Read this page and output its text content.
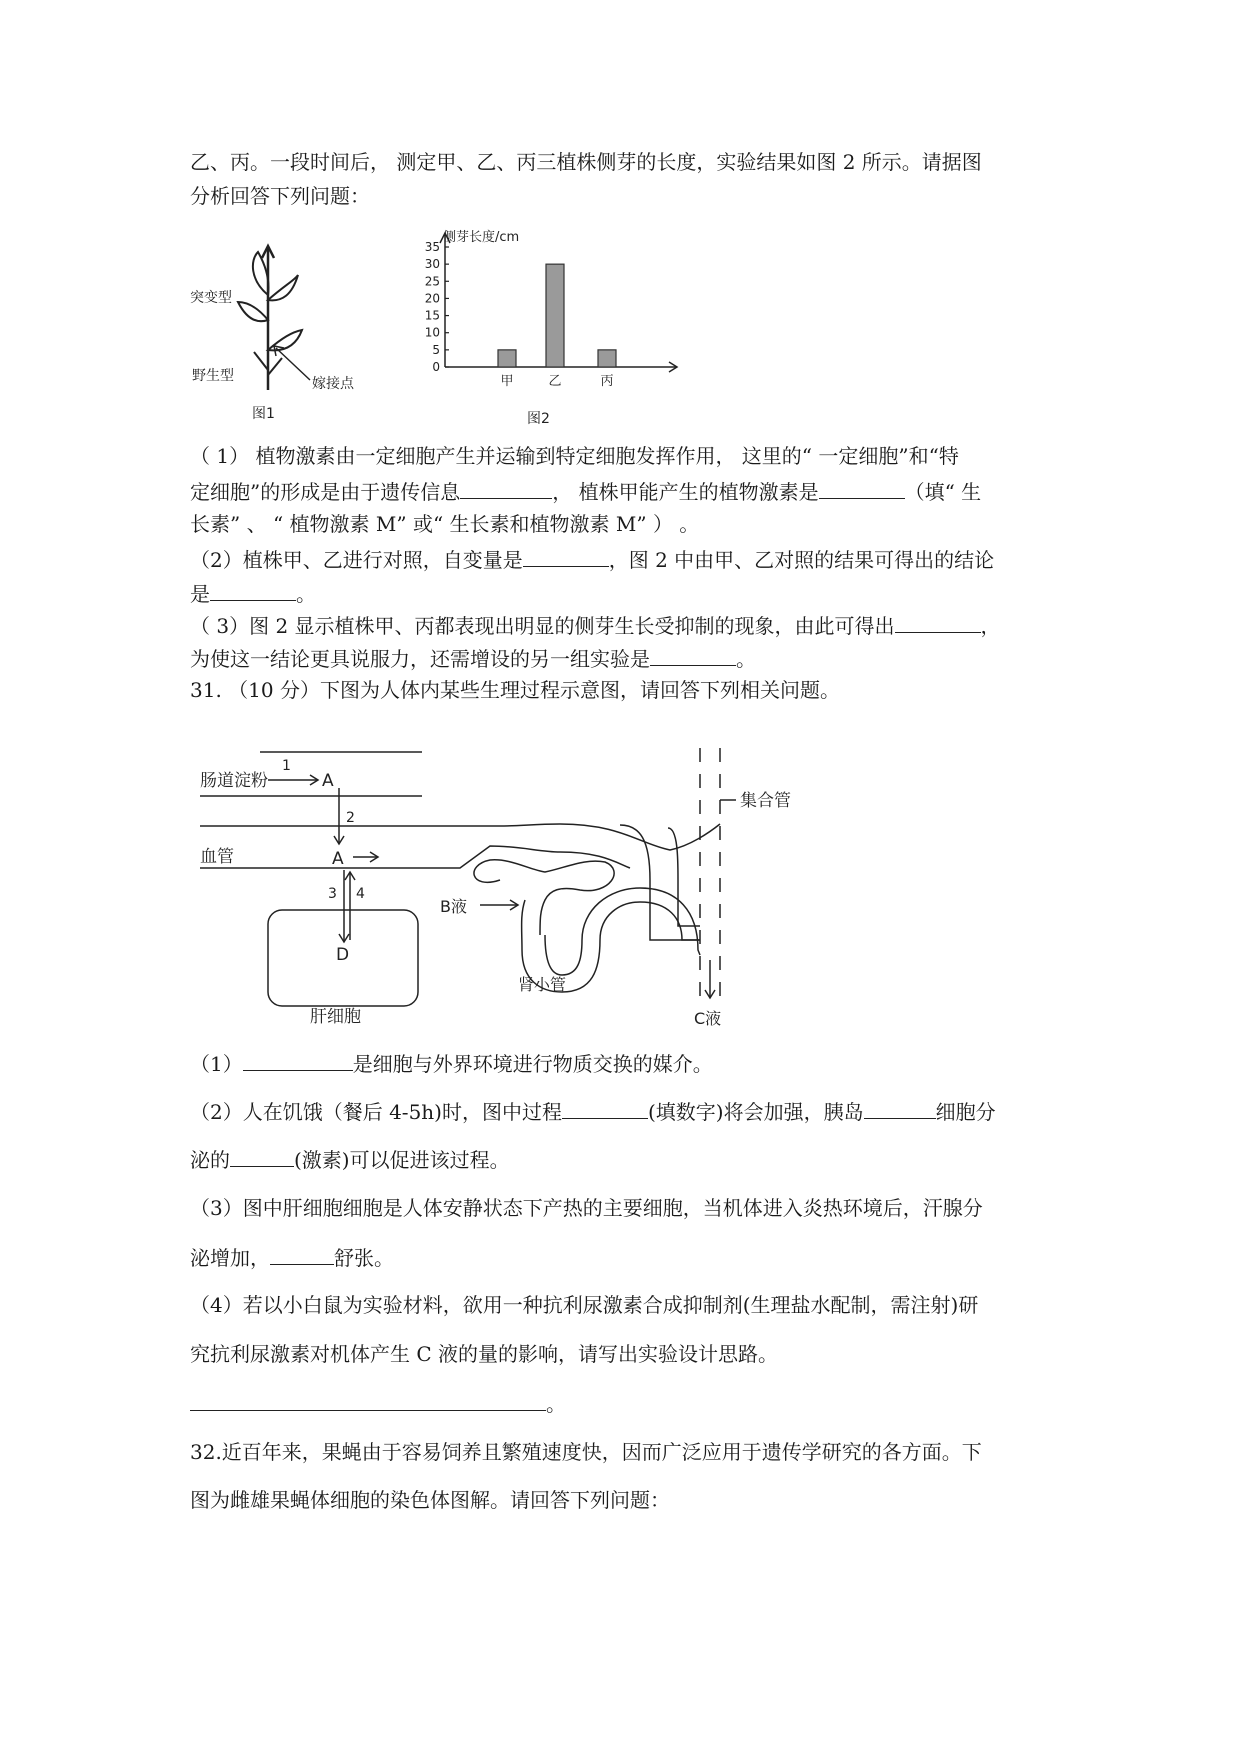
乙、丙。一段时间后， 测定甲、乙、丙三植株侧芽的长度，实验结果如图 2 所示。请据图
分析回答下列问题：
突变型
野生型	嫁接点
图1
0
5
10
15
20
25
30
35
甲	乙	丙
侧芽长度/cm
图2
（ 1） 植物激素由一定细胞产生并运输到特定细胞发挥作用， 这里的“ 一定细胞”和“特
定细胞”的形成是由于遗传信息	， 植株甲能产生的植物激素是	（填“ 生
长素” 、 “ 植物激素 M” 或“ 生长素和植物激素 M” ） 。
（2）植株甲、乙进行对照，自变量是	，图 2 中由甲、乙对照的结果可得出的结论
是	。
（ 3）图 2 显示植株甲、丙都表现出明显的侧芽生长受抑制的现象，由此可得出	，
为使这一结论更具说服力，还需增设的另一组实验是	。
31. （10 分）下图为人体内某些生理过程示意图，请回答下列相关问题。
肠道淀粉
1
A
2
血管	A
3 4
D
肝细胞
B液
肾小管
集合管
C液
（1）	是细胞与外界环境进行物质交换的媒介。
（2）人在饥饿（餐后 4-5h)时，图中过程	(填数字)将会加强，胰岛	细胞分
泌的	(激素)可以促进该过程。
（3）图中肝细胞细胞是人体安静状态下产热的主要细胞，当机体进入炎热环境后，汗腺分
泌增加，	舒张。
（4）若以小白鼠为实验材料，欲用一种抗利尿激素合成抑制剂(生理盐水配制，需注射)研
究抗利尿激素对机体产生 C 液的量的影响，请写出实验设计思路。
。
32.近百年来，果蝇由于容易饲养且繁殖速度快，因而广泛应用于遗传学研究的各方面。下
图为雌雄果蝇体细胞的染色体图解。请回答下列问题：
